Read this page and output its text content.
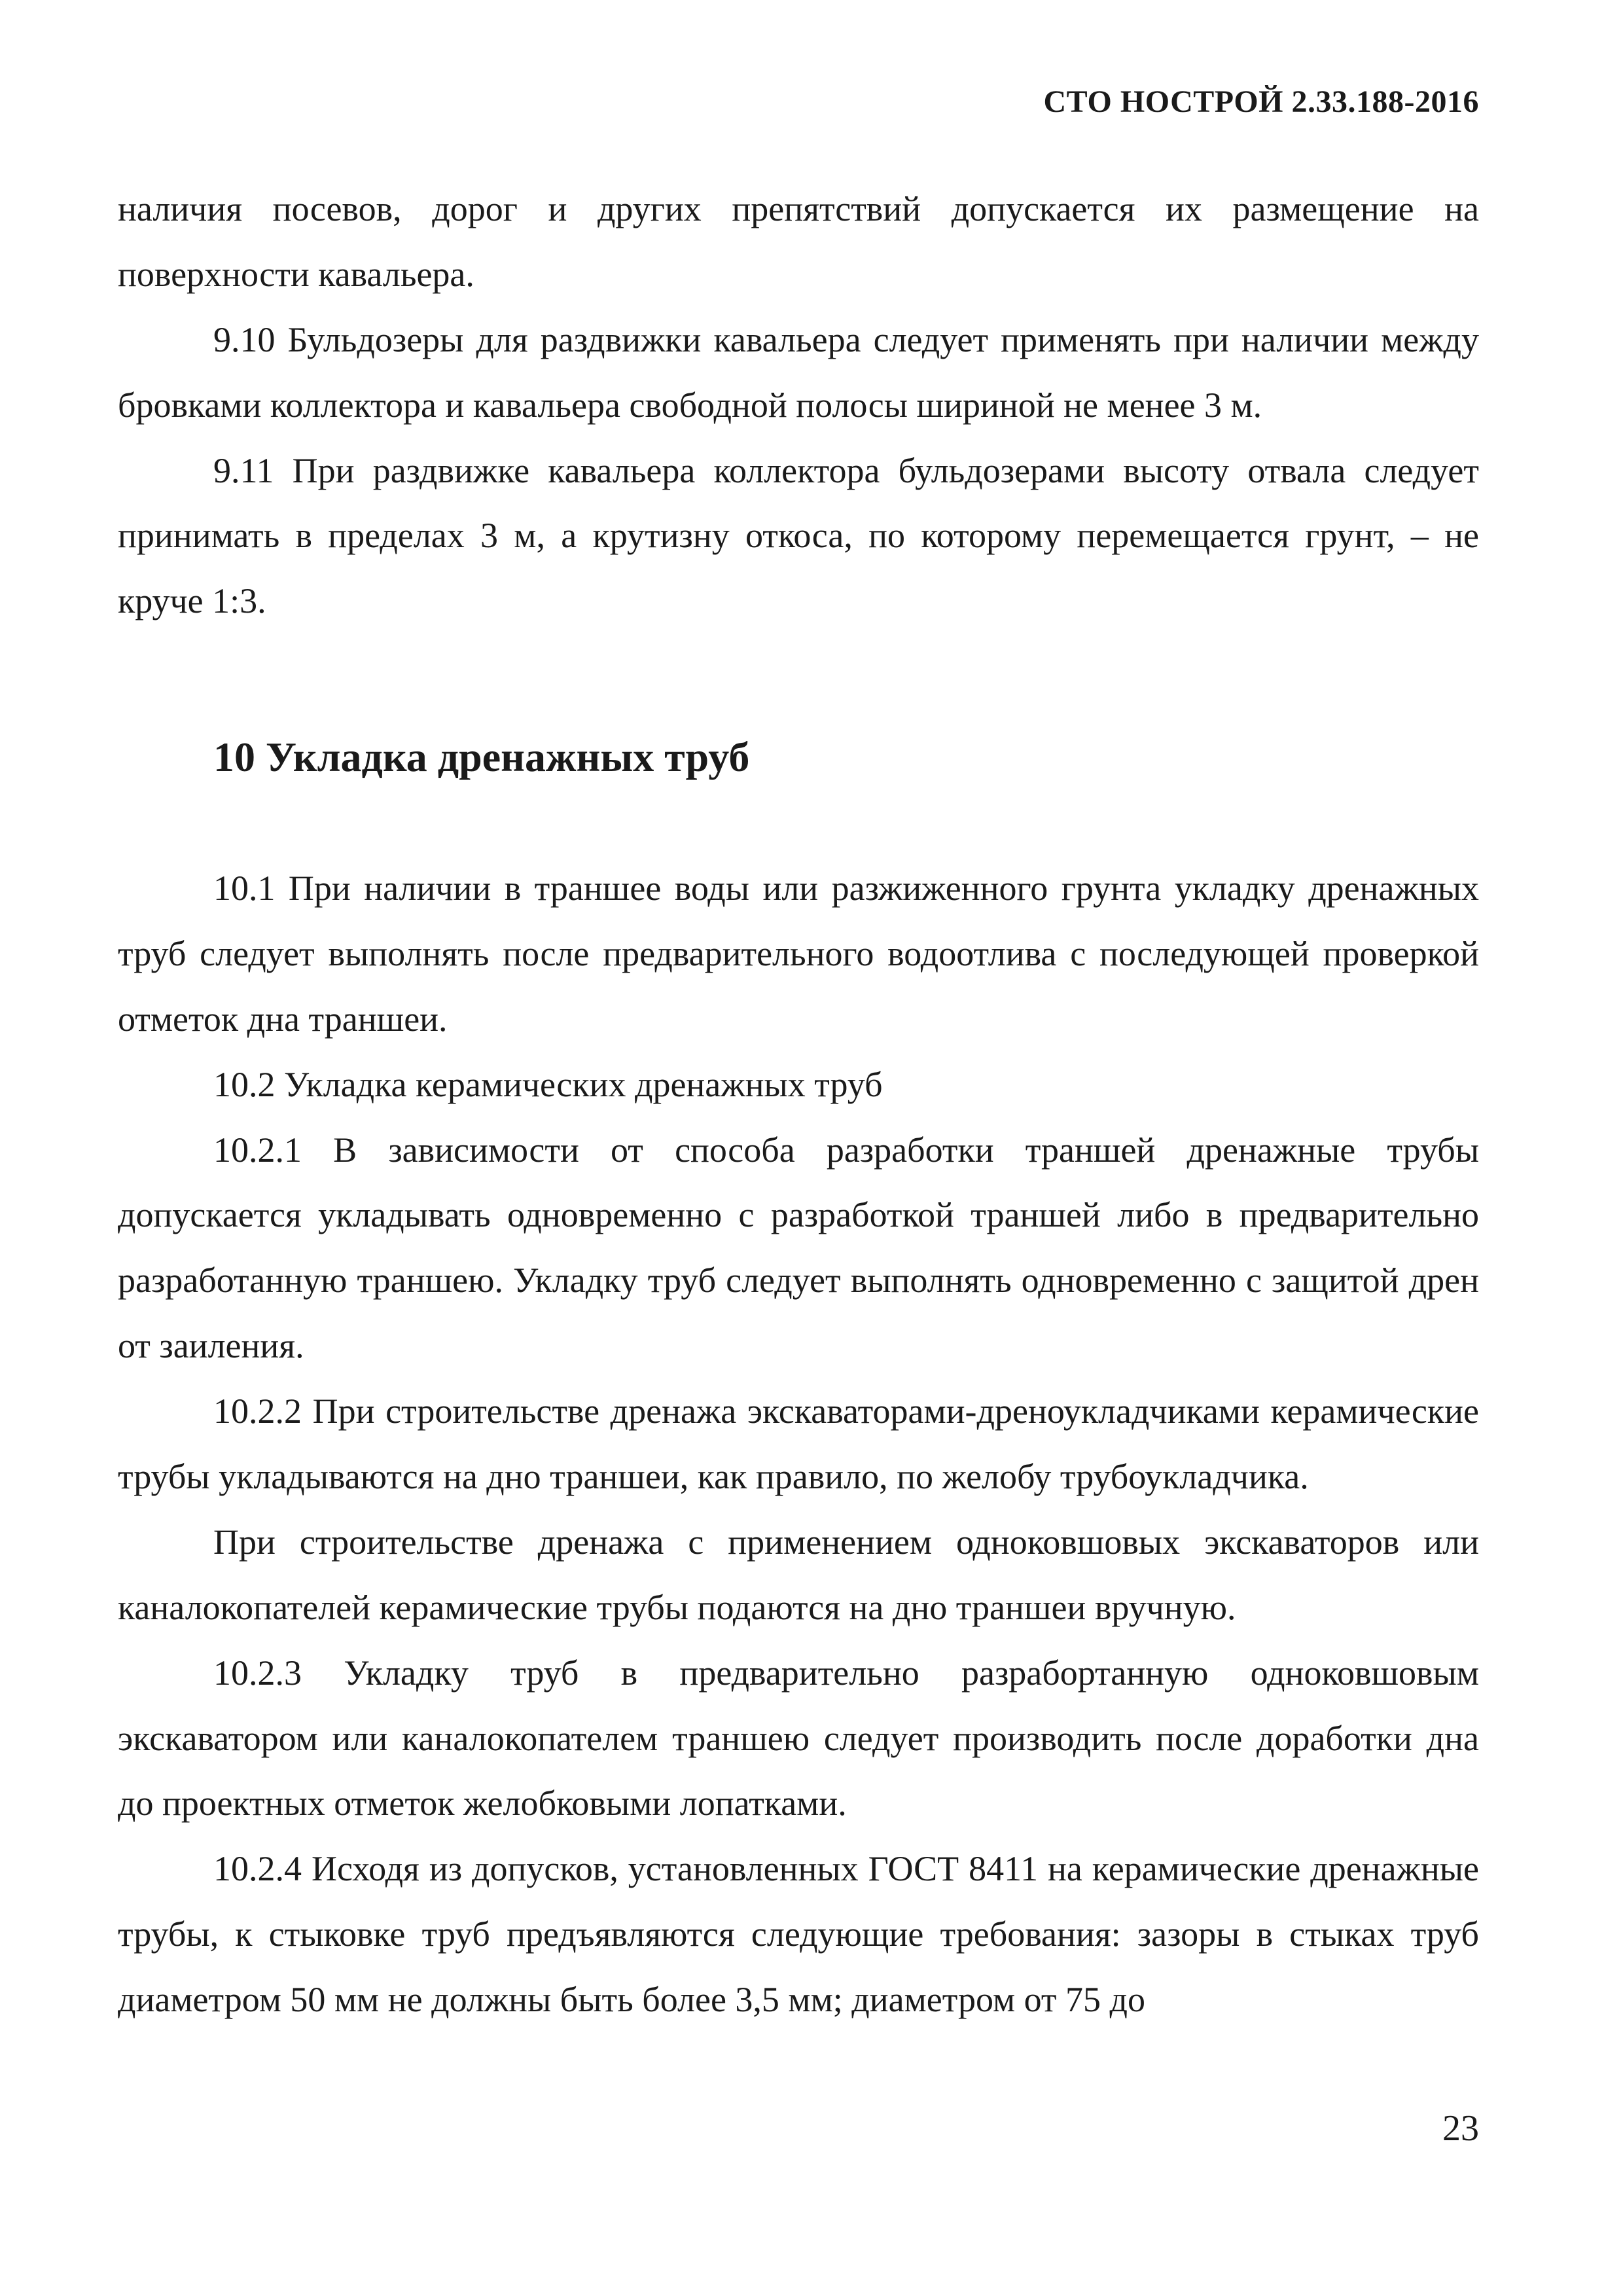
СТО НОСТРОЙ 2.33.188-2016

наличия посевов, дорог и других препятствий допускается их размещение на поверхности кавальера.

9.10 Бульдозеры для раздвижки кавальера следует применять при наличии между бровками коллектора и кавальера свободной полосы шириной не менее 3 м.

9.11 При раздвижке кавальера коллектора бульдозерами высоту отвала следует принимать в пределах 3 м, а крутизну откоса, по которому перемещается грунт, – не круче 1:3.

10 Укладка дренажных труб

10.1 При наличии в траншее воды или разжиженного грунта укладку дренажных труб следует выполнять после предварительного водоотлива с последующей проверкой отметок дна траншеи.

10.2 Укладка керамических дренажных труб

10.2.1 В зависимости от способа разработки траншей дренажные трубы допускается укладывать одновременно с разработкой траншей либо в предварительно разработанную траншею. Укладку труб следует выполнять одновременно с защитой дрен от заиления.

10.2.2 При строительстве дренажа экскаваторами-дреноукладчиками керамические трубы укладываются на дно траншеи, как правило, по желобу трубоукладчика.

При строительстве дренажа с применением одноковшовых экскаваторов или каналокопателей керамические трубы подаются на дно траншеи вручную.

10.2.3 Укладку труб в предварительно разрабортанную одноковшовым экскаватором или каналокопателем траншею следует производить после доработки дна до проектных отметок желобковыми лопатками.

10.2.4 Исходя из допусков, установленных ГОСТ 8411 на керамические дренажные трубы, к стыковке труб предъявляются следующие требования: зазоры в стыках труб диаметром 50 мм не должны быть более 3,5 мм; диаметром от 75 до

23
